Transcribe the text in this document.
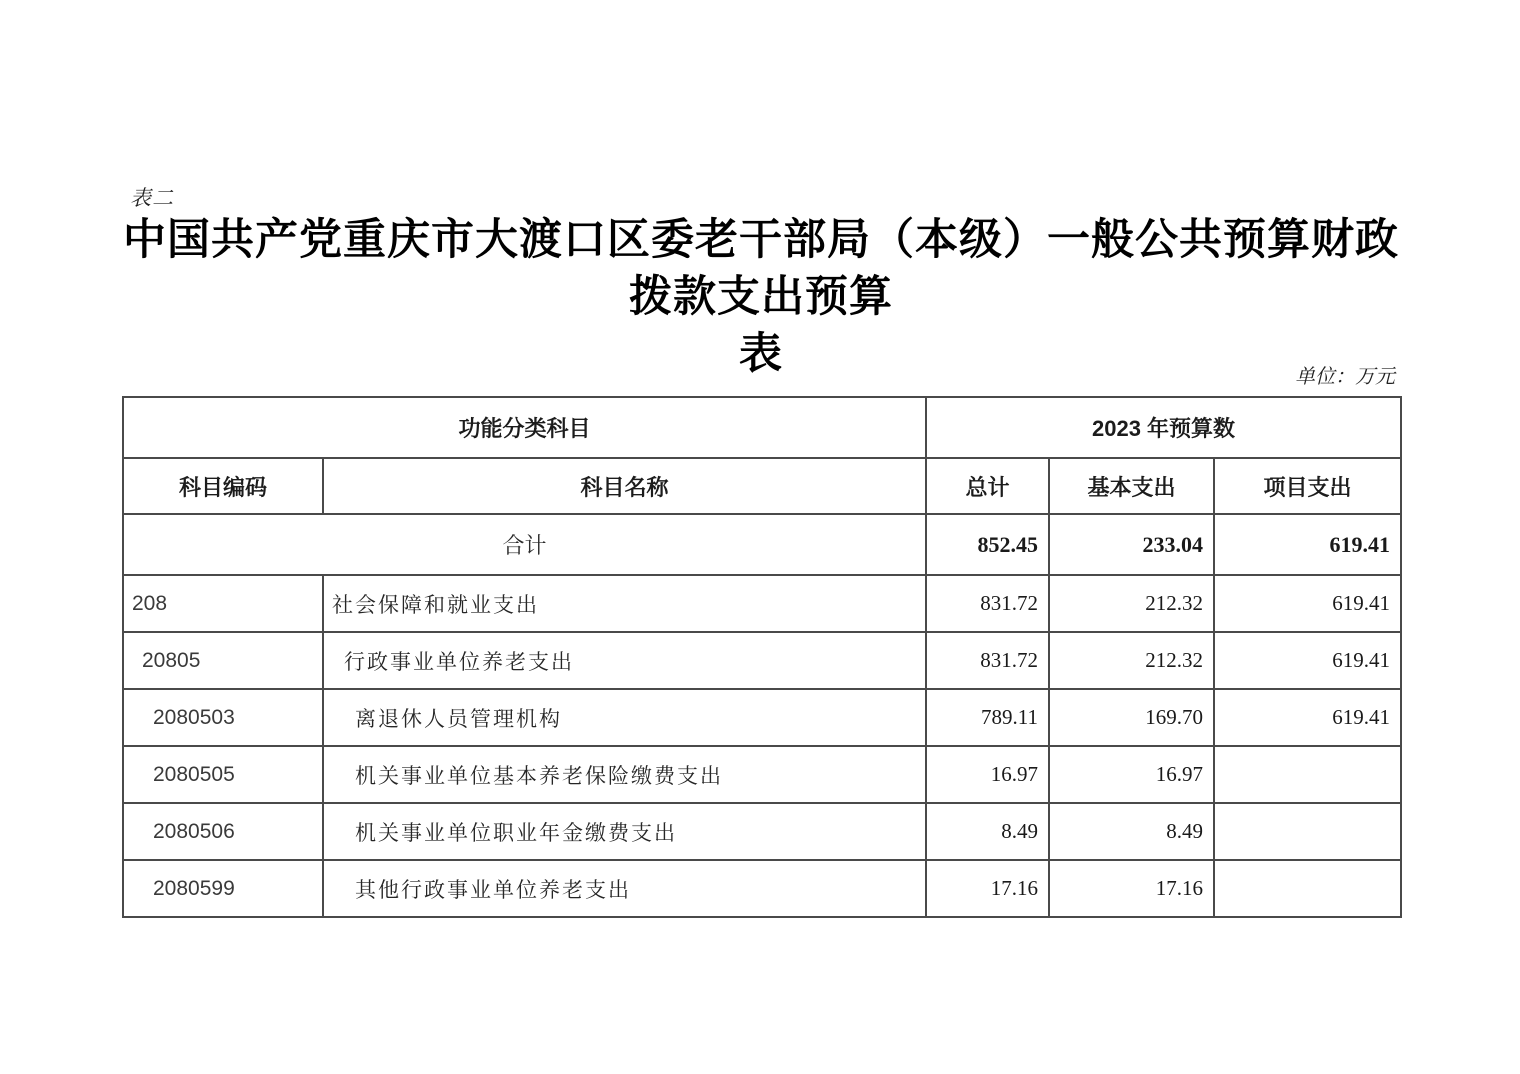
表二
中国共产党重庆市大渡口区委老干部局（本级）一般公共预算财政拨款支出预算
表	单位：万元
功能分类科目		2023 年预算数		
科目编码	科目名称	总计	基本支出	项目支出
合计		852.45	233.04	619.41
208	社会保障和就业支出	831.72	212.32	619.41
20805	行政事业单位养老支出	831.72	212.32	619.41
2080503	离退休人员管理机构	789.11	169.70	619.41
2080505	机关事业单位基本养老保险缴费支出	16.97	16.97	
2080506	机关事业单位职业年金缴费支出	8.49	8.49	
2080599	其他行政事业单位养老支出	17.16	17.16	
